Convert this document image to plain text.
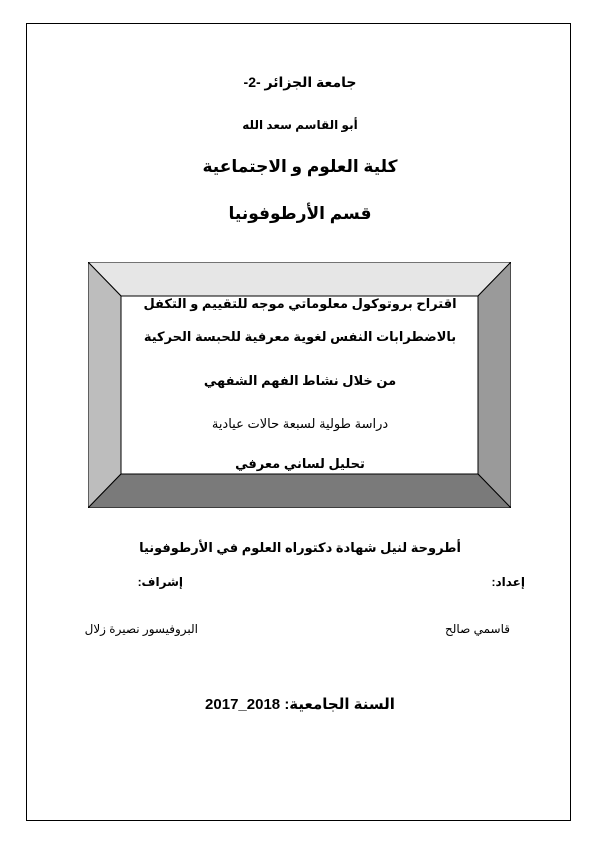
جامعة الجزائر -2-
أبو القاسم سعد الله
كلية العلوم و الاجتماعية
قسم الأرطوفونيا
اقتراح بروتوكول معلوماتي موجه للتقييم و التكفل
بالاضطرابات النفس لغوية معرفية للحبسة الحركية
من خلال نشاط الفهم الشفهي
دراسة طولية لسبعة حالات عيادية
تحليل لساني معرفي
أطروحة لنيل شهادة دكتوراه العلوم في الأرطوفونيا
إعداد:
إشراف:
قاسمي صالح
البروفيسور نصيرة زلال
السنة الجامعية: 2017_2018
